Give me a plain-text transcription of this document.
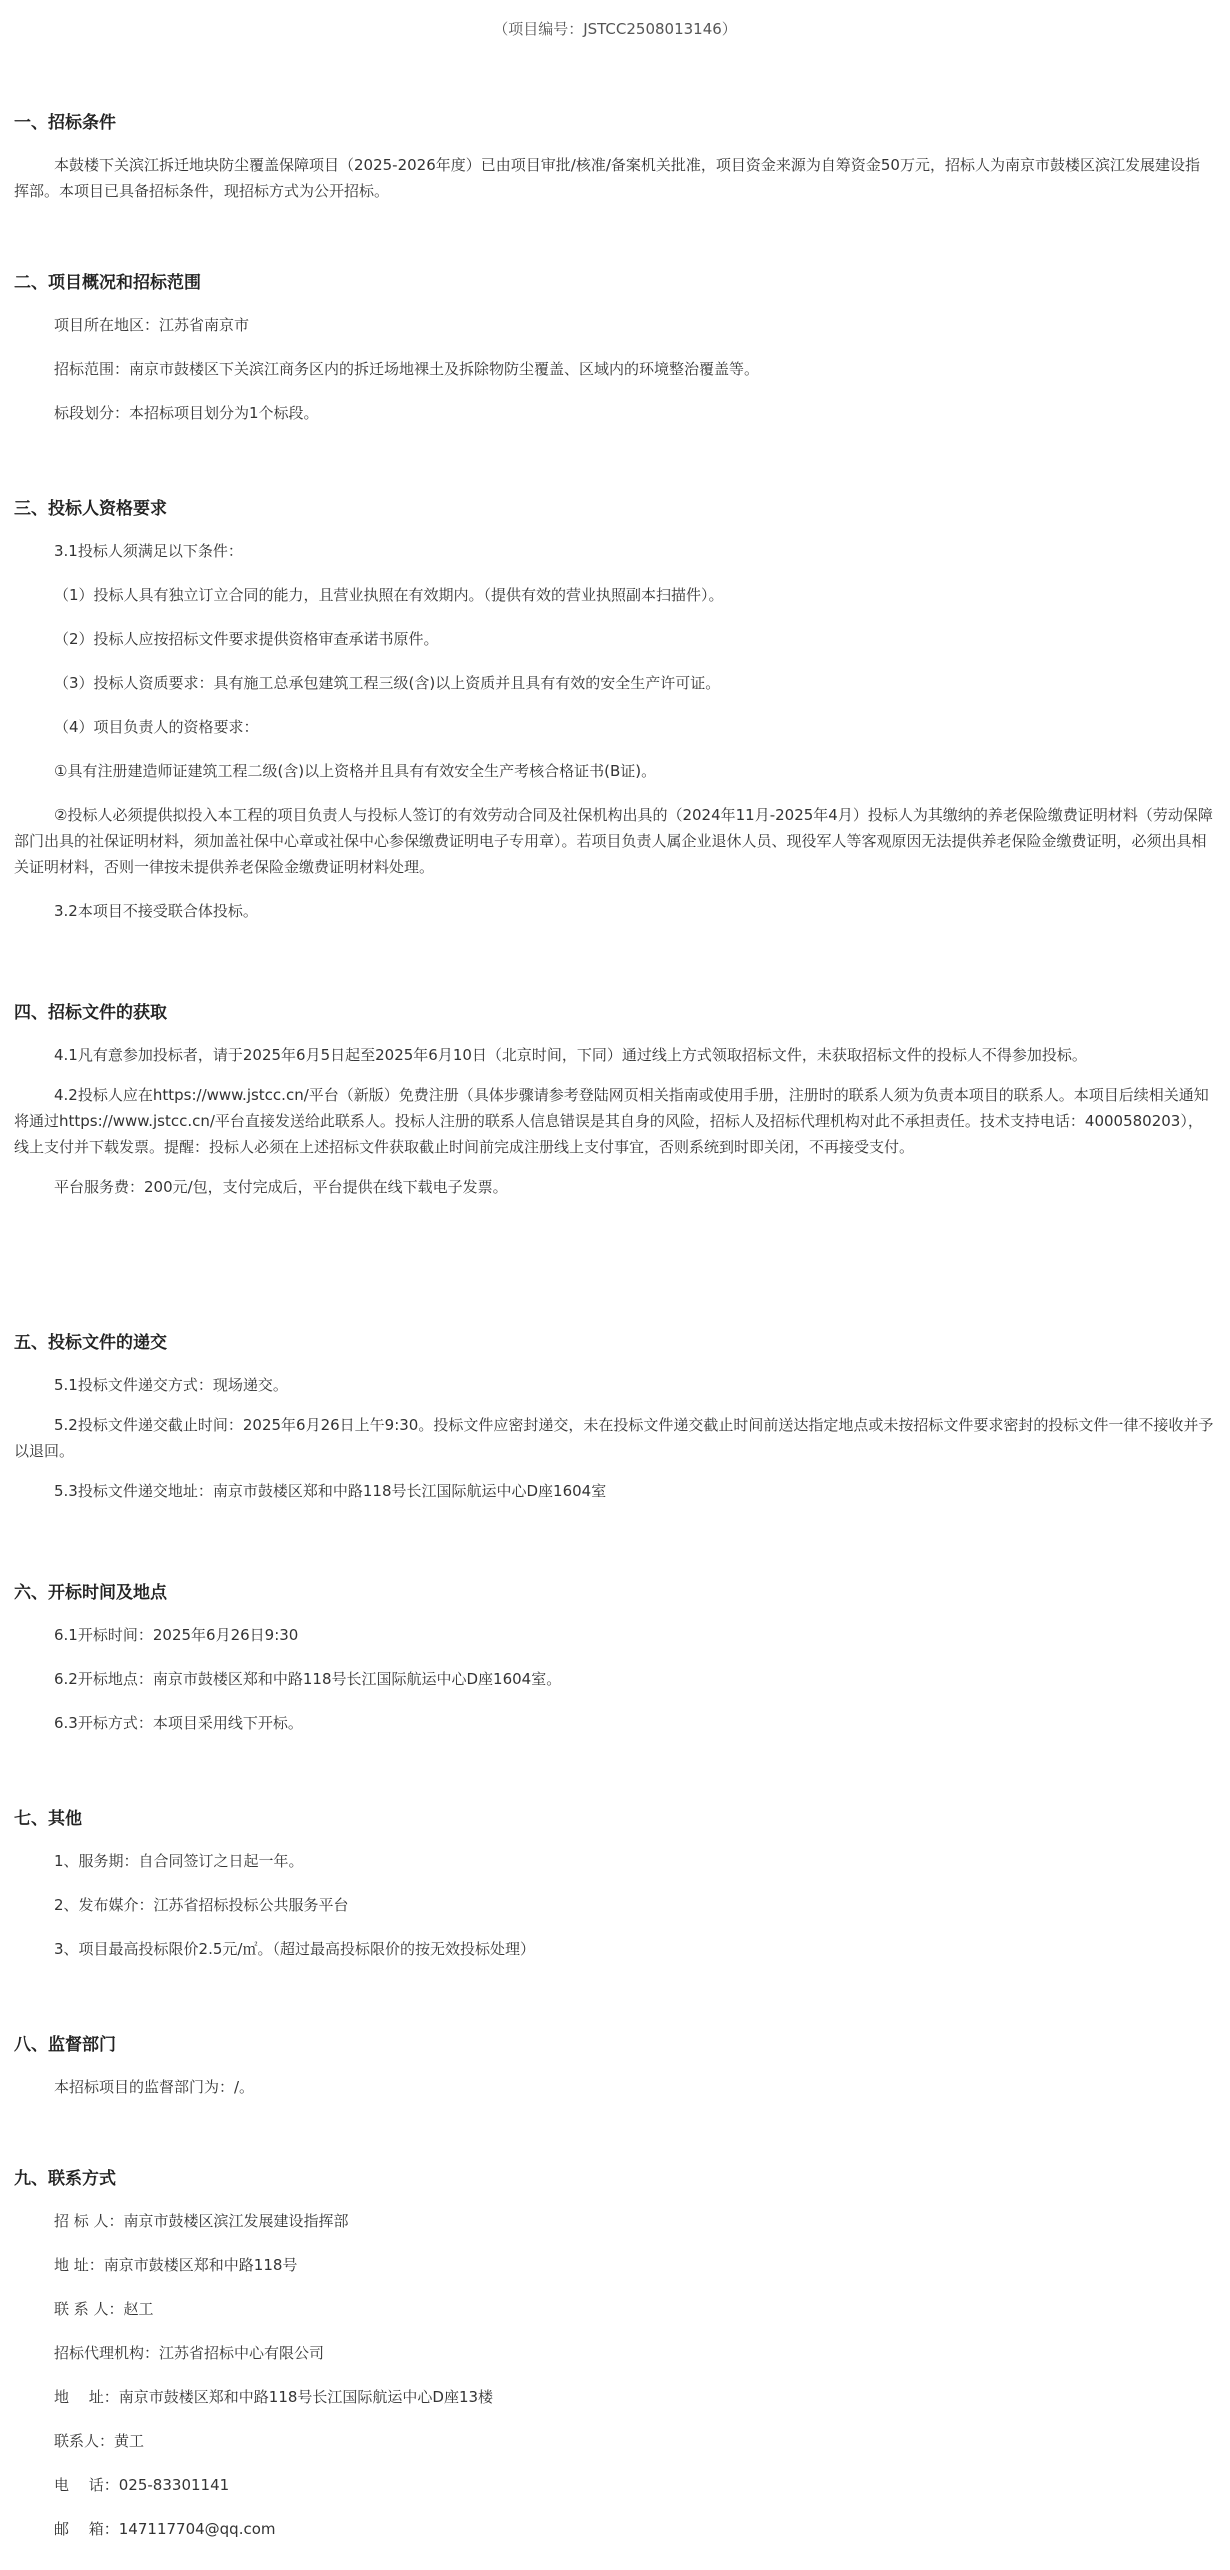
（项目编号：JSTCC2508013146）
一、招标条件

本鼓楼下关滨江拆迁地块防尘覆盖保障项目（2025-2026年度）已由项目审批/核准/备案机关批准，项目资金来源为自筹资金50万元，招标人为南京市鼓楼区滨江发展建设指挥部。本项目已具备招标条件，现招标方式为公开招标。

二、项目概况和招标范围

项目所在地区：江苏省南京市

招标范围：南京市鼓楼区下关滨江商务区内的拆迁场地裸土及拆除物防尘覆盖、区域内的环境整治覆盖等。

标段划分：本招标项目划分为1个标段。

三、投标人资格要求

3.1投标人须满足以下条件：

（1）投标人具有独立订立合同的能力，且营业执照在有效期内。（提供有效的营业执照副本扫描件）。

（2）投标人应按招标文件要求提供资格审查承诺书原件。

（3）投标人资质要求：具有施工总承包建筑工程三级(含)以上资质并且具有有效的安全生产许可证。

（4）项目负责人的资格要求：

①具有注册建造师证建筑工程二级(含)以上资格并且具有有效安全生产考核合格证书(B证)。

②投标人必须提供拟投入本工程的项目负责人与投标人签订的有效劳动合同及社保机构出具的（2024年11月-2025年4月）投标人为其缴纳的养老保险缴费证明材料（劳动保障部门出具的社保证明材料，须加盖社保中心章或社保中心参保缴费证明电子专用章）。若项目负责人属企业退休人员、现役军人等客观原因无法提供养老保险金缴费证明，必须出具相关证明材料，否则一律按未提供养老保险金缴费证明材料处理。

3.2本项目不接受联合体投标。

四、招标文件的获取

4.1凡有意参加投标者，请于2025年6月5日起至2025年6月10日（北京时间，下同）通过线上方式领取招标文件，未获取招标文件的投标人不得参加投标。

4.2投标人应在https://www.jstcc.cn/平台（新版）免费注册（具体步骤请参考登陆网页相关指南或使用手册，注册时的联系人须为负责本项目的联系人。本项目后续相关通知将通过https://www.jstcc.cn/平台直接发送给此联系人。投标人注册的联系人信息错误是其自身的风险，招标人及招标代理机构对此不承担责任。技术支持电话：4000580203），线上支付并下载发票。提醒：投标人必须在上述招标文件获取截止时间前完成注册线上支付事宜，否则系统到时即关闭，不再接受支付。

平台服务费：200元/包，支付完成后，平台提供在线下载电子发票。

五、投标文件的递交

5.1投标文件递交方式：现场递交。

5.2投标文件递交截止时间：2025年6月26日上午9:30。投标文件应密封递交，未在投标文件递交截止时间前送达指定地点或未按招标文件要求密封的投标文件一律不接收并予以退回。

5.3投标文件递交地址：南京市鼓楼区郑和中路118号长江国际航运中心D座1604室

六、开标时间及地点

6.1开标时间：2025年6月26日9:30

6.2开标地点：南京市鼓楼区郑和中路118号长江国际航运中心D座1604室。

6.3开标方式：本项目采用线下开标。

七、其他

1、服务期：自合同签订之日起一年。

2、发布媒介：江苏省招标投标公共服务平台

3、项目最高投标限价2.5元/㎡。（超过最高投标限价的按无效投标处理）

八、监督部门

本招标项目的监督部门为：/。

九、联系方式

招 标 人：南京市鼓楼区滨江发展建设指挥部

地 址：南京市鼓楼区郑和中路118号

联 系 人：赵工

招标代理机构：江苏省招标中心有限公司

地　 址：南京市鼓楼区郑和中路118号长江国际航运中心D座13楼

联系人：黄工

电　 话：025-83301141

邮　 箱：147117704@qq.com
